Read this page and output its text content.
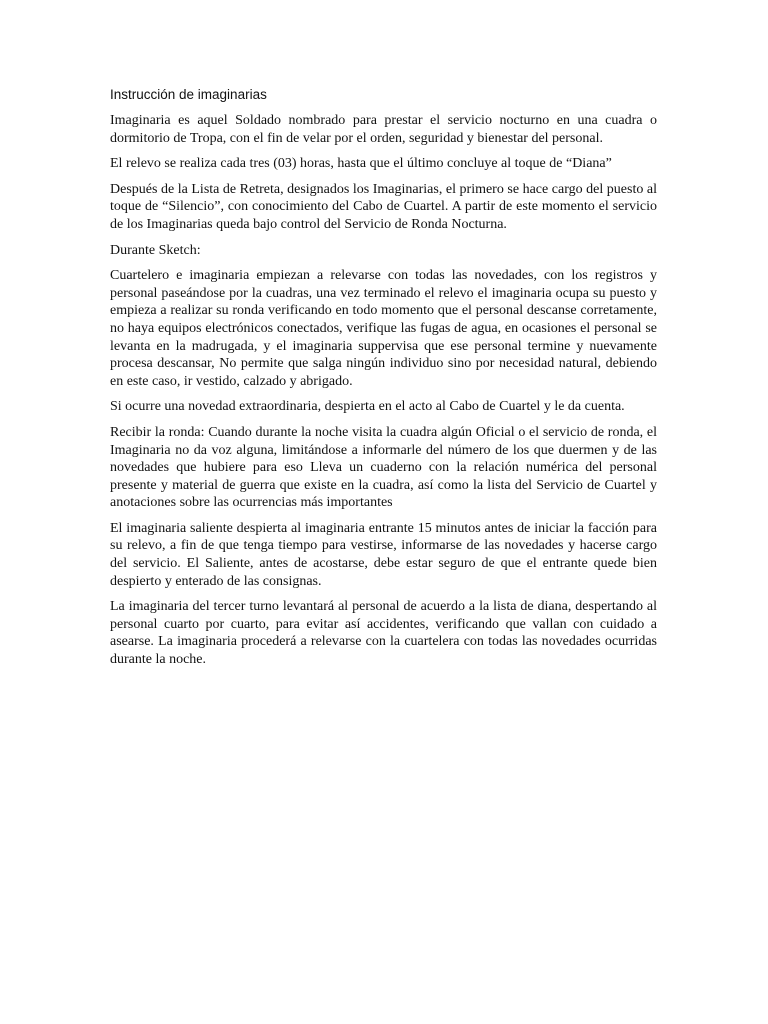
Instrucción de imaginarias

Imaginaria es aquel Soldado nombrado para prestar el servicio nocturno en una cuadra o dormitorio de Tropa, con el fin de velar por el orden, seguridad y bienestar del personal.

El relevo se realiza cada tres (03) horas, hasta que el último concluye al toque de “Diana”

Después de la Lista de Retreta, designados los Imaginarias, el primero se hace cargo del puesto al toque de “Silencio”, con conocimiento del Cabo de Cuartel. A partir de este momento el servicio de los Imaginarias queda bajo control del Servicio de Ronda Nocturna.

Durante Sketch:

Cuartelero e imaginaria empiezan a relevarse con todas las novedades, con los registros y personal paseándose por la cuadras, una vez terminado el relevo el imaginaria ocupa su puesto y empieza a realizar su ronda verificando en todo momento que el personal descanse corretamente, no haya equipos electrónicos conectados, verifique las fugas de agua, en ocasiones el personal se levanta en la madrugada, y el imaginaria suppervisa que ese personal termine y nuevamente procesa descansar, No permite que salga ningún individuo sino por necesidad natural, debiendo en este caso, ir vestido, calzado y abrigado.

Si ocurre una novedad extraordinaria, despierta en el acto al Cabo de Cuartel y le da cuenta.

Recibir la ronda: Cuando durante la noche visita la cuadra algún Oficial o el servicio de ronda, el Imaginaria no da voz alguna, limitándose a informarle del número de los que duermen y de las novedades que hubiere para eso Lleva un cuaderno con la relación numérica del personal presente y material de guerra que existe en la cuadra, así como la lista del Servicio de Cuartel y anotaciones sobre las ocurrencias más importantes

El imaginaria saliente despierta al imaginaria entrante 15 minutos antes de iniciar la facción para su relevo, a fin de que tenga tiempo para vestirse, informarse de las novedades y hacerse cargo del servicio. El Saliente, antes de acostarse, debe estar seguro de que el entrante quede bien despierto y enterado de las consignas.

La imaginaria del tercer turno levantará al personal de acuerdo a la lista de diana, despertando al personal cuarto por cuarto, para evitar así accidentes, verificando que vallan con cuidado a asearse. La imaginaria procederá a relevarse con la cuartelera con todas las novedades ocurridas durante la noche.
